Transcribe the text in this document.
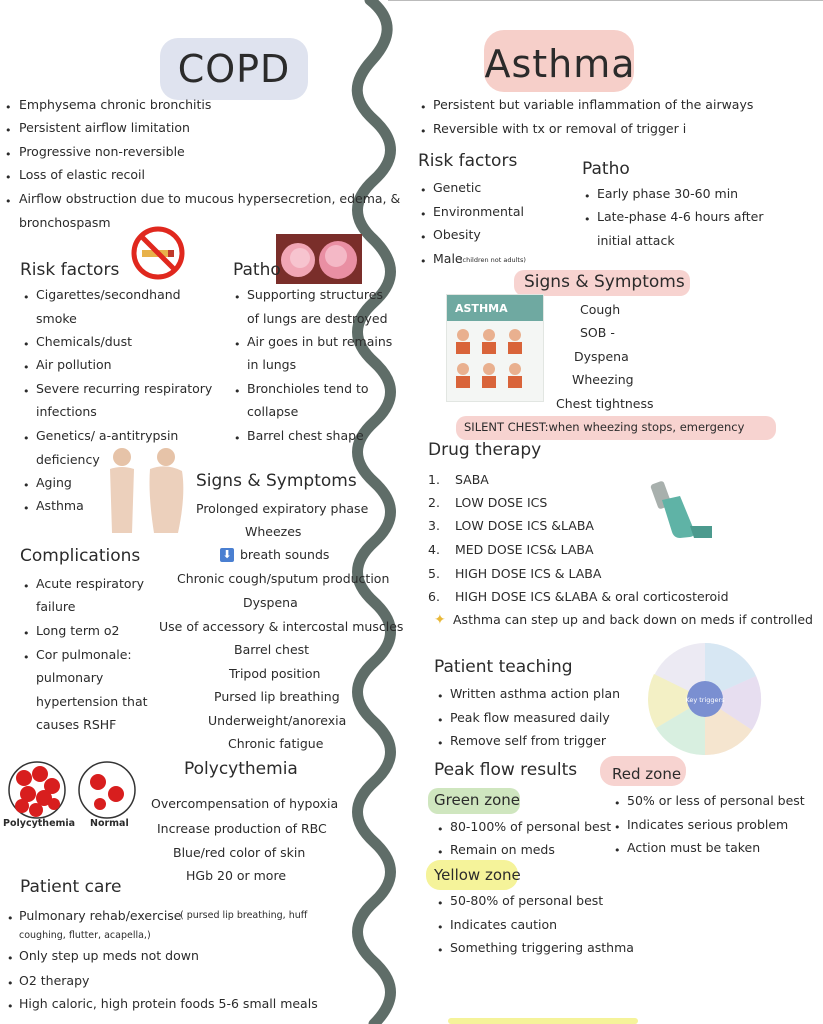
COPD
• Emphysema chronic bronchitis
• Persistent airflow limitation
• Progressive non-reversible
• Loss of elastic recoil
• Airflow obstruction due to mucous hypersecretion, edema, &
bronchospasm
Risk factors
• Cigarettes/secondhand
smoke
• Chemicals/dust
• Air pollution
• Severe recurring respiratory
infections
• Genetics/ a-antitrypsin
deficiency
• Aging
• Asthma
Patho
• Supporting structures
of lungs are destroyed
• Air goes in but remains
in lungs
• Bronchioles tend to
collapse
• Barrel chest shape
Signs & Symptoms
Prolonged expiratory phase
Wheezes
⬇ breath sounds
Chronic cough/sputum production
Dyspena
Use of accessory & intercostal muscles
Barrel chest
Tripod position
Pursed lip breathing
Underweight/anorexia
Chronic fatigue
Complications
• Acute respiratory
failure
• Long term o2
• Cor pulmonale:
pulmonary
hypertension that
causes RSHF
Polycythemia Normal
Polycythemia
Overcompensation of hypoxia
Increase production of RBC
Blue/red color of skin
HGb 20 or more
Patient care
• Pulmonary rehab/exercise
( pursed lip breathing, huff
coughing, flutter, acapella,)
• Only step up meds not down
• O2 therapy
• High caloric, high protein foods 5-6 small meals
Asthma
• Persistent but variable inflammation of the airways
• Reversible with tx or removal of trigger i
Risk factors
• Genetic
• Environmental
• Obesity
• Male
(children not adults)
Patho
• Early phase 30-60 min
• Late-phase 4-6 hours after
initial attack
Signs & Symptoms
ASTHMA	Cough
SOB -
Dyspena
Wheezing
Chest tightness
SILENT CHEST:when wheezing stops, emergency
Drug therapy
1. SABA
2. LOW DOSE ICS
3. LOW DOSE ICS &LABA
4. MED DOSE ICS& LABA
5. HIGH DOSE ICS & LABA
6. HIGH DOSE ICS &LABA & oral corticosteroid
✦ Asthma can step up and back down on meds if controlled
Patient teaching
• Written asthma action plan
• Peak flow measured daily
• Remove self from trigger
Key triggers
Peak flow results
Green zone
• 80-100% of personal best
• Remain on meds
Yellow zone
• 50-80% of personal best
• Indicates caution
• Something triggering asthma
Red zone
• 50% or less of personal best
• Indicates serious problem
• Action must be taken
